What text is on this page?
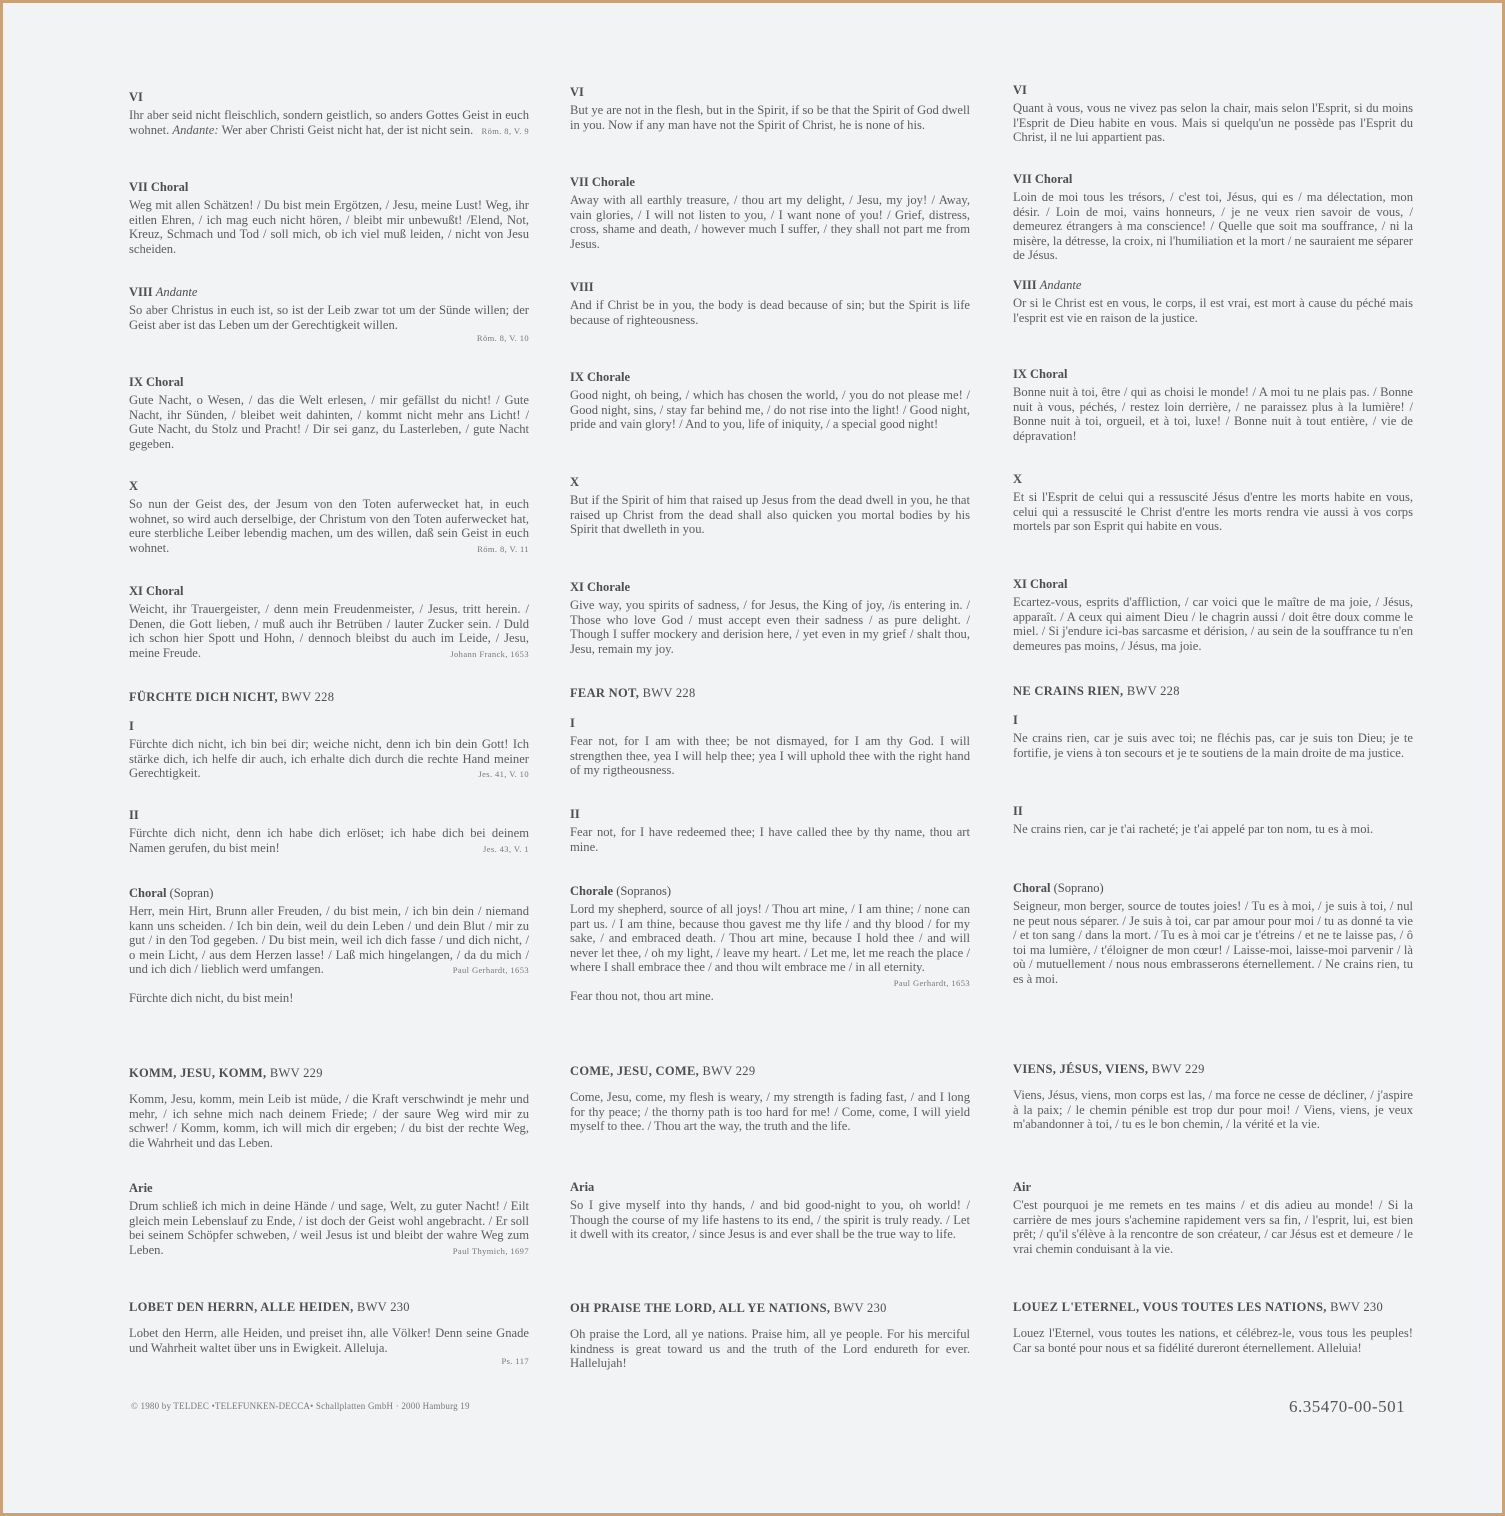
VI
Ihr aber seid nicht fleischlich, sondern geistlich, so anders Gottes Geist in euch wohnet. Andante: Wer aber Christi Geist nicht hat, der ist nicht sein. Röm. 8, V. 9
VII Choral
Weg mit allen Schätzen! / Du bist mein Ergötzen, / Jesu, meine Lust! Weg, ihr eitlen Ehren, / ich mag euch nicht hören, / bleibt mir unbewußt! /Elend, Not, Kreuz, Schmach und Tod / soll mich, ob ich viel muß leiden, / nicht von Jesu scheiden.
VIII Andante
So aber Christus in euch ist, so ist der Leib zwar tot um der Sünde willen; der Geist aber ist das Leben um der Gerechtigkeit willen.
Röm. 8, V. 10
IX Choral
Gute Nacht, o Wesen, / das die Welt erlesen, / mir gefällst du nicht! / Gute Nacht, ihr Sünden, / bleibet weit dahinten, / kommt nicht mehr ans Licht! / Gute Nacht, du Stolz und Pracht! / Dir sei ganz, du Lasterleben, / gute Nacht gegeben.
X
So nun der Geist des, der Jesum von den Toten auferwecket hat, in euch wohnet, so wird auch derselbige, der Christum von den Toten auferwecket hat, eure sterbliche Leiber lebendig machen, um des willen, daß sein Geist in euch wohnet.	Röm. 8, V. 11
XI Choral
Weicht, ihr Trauergeister, / denn mein Freudenmeister, / Jesus, tritt herein. / Denen, die Gott lieben, / muß auch ihr Betrüben / lauter Zucker sein. / Duld ich schon hier Spott und Hohn, / dennoch bleibst du auch im Leide, / Jesu, meine Freude.	Johann Franck, 1653
FÜRCHTE DICH NICHT, BWV 228
I
Fürchte dich nicht, ich bin bei dir; weiche nicht, denn ich bin dein Gott! Ich stärke dich, ich helfe dir auch, ich erhalte dich durch die rechte Hand meiner Gerechtigkeit.	Jes. 41, V. 10
II
Fürchte dich nicht, denn ich habe dich erlöset; ich habe dich bei deinem Namen gerufen, du bist mein!	Jes. 43, V. 1
Choral (Sopran)
Herr, mein Hirt, Brunn aller Freuden, / du bist mein, / ich bin dein / niemand kann uns scheiden. / Ich bin dein, weil du dein Leben / und dein Blut / mir zu gut / in den Tod gegeben. / Du bist mein, weil ich dich fasse / und dich nicht, / o mein Licht, / aus dem Herzen lasse! / Laß mich hingelangen, / da du mich / und ich dich / lieblich werd umfangen.	Paul Gerhardt, 1653
Fürchte dich nicht, du bist mein!
KOMM, JESU, KOMM, BWV 229
Komm, Jesu, komm, mein Leib ist müde, / die Kraft verschwindt je mehr und mehr, / ich sehne mich nach deinem Friede; / der saure Weg wird mir zu schwer! / Komm, komm, ich will mich dir ergeben; / du bist der rechte Weg, die Wahrheit und das Leben.
Arie
Drum schließ ich mich in deine Hände / und sage, Welt, zu guter Nacht! / Eilt gleich mein Lebenslauf zu Ende, / ist doch der Geist wohl angebracht. / Er soll bei seinem Schöpfer schweben, / weil Jesus ist und bleibt der wahre Weg zum Leben.	Paul Thymich, 1697
LOBET DEN HERRN, ALLE HEIDEN, BWV 230
Lobet den Herrn, alle Heiden, und preiset ihn, alle Völker! Denn seine Gnade und Wahrheit waltet über uns in Ewigkeit. Alleluja.
Ps. 117
VI
But ye are not in the flesh, but in the Spirit, if so be that the Spirit of God dwell in you. Now if any man have not the Spirit of Christ, he is none of his.
VII Chorale
Away with all earthly treasure, / thou art my delight, / Jesu, my joy! / Away, vain glories, / I will not listen to you, / I want none of you! / Grief, distress, cross, shame and death, / however much I suffer, / they shall not part me from Jesus.
VIII
And if Christ be in you, the body is dead because of sin; but the Spirit is life because of righteousness.
IX Chorale
Good night, oh being, / which has chosen the world, / you do not please me! / Good night, sins, / stay far behind me, / do not rise into the light! / Good night, pride and vain glory! / And to you, life of iniquity, / a special good night!
X
But if the Spirit of him that raised up Jesus from the dead dwell in you, he that raised up Christ from the dead shall also quicken you mortal bodies by his Spirit that dwelleth in you.
XI Chorale
Give way, you spirits of sadness, / for Jesus, the King of joy, /is entering in. / Those who love God / must accept even their sadness / as pure delight. / Though I suffer mockery and derision here, / yet even in my grief / shalt thou, Jesu, remain my joy.
FEAR NOT, BWV 228
I
Fear not, for I am with thee; be not dismayed, for I am thy God. I will strengthen thee, yea I will help thee; yea I will uphold thee with the right hand of my rigtheousness.
II
Fear not, for I have redeemed thee; I have called thee by thy name, thou art mine.
Chorale (Sopranos)
Lord my shepherd, source of all joys! / Thou art mine, / I am thine; / none can part us. / I am thine, because thou gavest me thy life / and thy blood / for my sake, / and embraced death. / Thou art mine, because I hold thee / and will never let thee, / oh my light, / leave my heart. / Let me, let me reach the place / where I shall embrace thee / and thou wilt embrace me / in all eternity.
Paul Gerhardt, 1653
Fear thou not, thou art mine.
COME, JESU, COME, BWV 229
Come, Jesu, come, my flesh is weary, / my strength is fading fast, / and I long for thy peace; / the thorny path is too hard for me! / Come, come, I will yield myself to thee. / Thou art the way, the truth and the life.
Aria
So I give myself into thy hands, / and bid good-night to you, oh world! / Though the course of my life hastens to its end, / the spirit is truly ready. / Let it dwell with its creator, / since Jesus is and ever shall be the true way to life.
OH PRAISE THE LORD, ALL YE NATIONS, BWV 230
Oh praise the Lord, all ye nations. Praise him, all ye people. For his merciful kindness is great toward us and the truth of the Lord endureth for ever. Hallelujah!
VI
Quant à vous, vous ne vivez pas selon la chair, mais selon l'Esprit, si du moins l'Esprit de Dieu habite en vous. Mais si quelqu'un ne possède pas l'Esprit du Christ, il ne lui appartient pas.
VII Choral
Loin de moi tous les trésors, / c'est toi, Jésus, qui es / ma délectation, mon désir. / Loin de moi, vains honneurs, / je ne veux rien savoir de vous, / demeurez étrangers à ma conscience! / Quelle que soit ma souffrance, / ni la misère, la détresse, la croix, ni l'humiliation et la mort / ne sauraient me séparer de Jésus.
VIII Andante
Or si le Christ est en vous, le corps, il est vrai, est mort à cause du péché mais l'esprit est vie en raison de la justice.
IX Choral
Bonne nuit à toi, être / qui as choisi le monde! / A moi tu ne plais pas. / Bonne nuit à vous, péchés, / restez loin derrière, / ne paraissez plus à la lumière! / Bonne nuit à toi, orgueil, et à toi, luxe! / Bonne nuit à tout entière, / vie de dépravation!
X
Et si l'Esprit de celui qui a ressuscité Jésus d'entre les morts habite en vous, celui qui a ressuscité le Christ d'entre les morts rendra vie aussi à vos corps mortels par son Esprit qui habite en vous.
XI Choral
Ecartez-vous, esprits d'affliction, / car voici que le maître de ma joie, / Jésus, apparaît. / A ceux qui aiment Dieu / le chagrin aussi / doit être doux comme le miel. / Si j'endure ici-bas sarcasme et dérision, / au sein de la souffrance tu n'en demeures pas moins, / Jésus, ma joie.
NE CRAINS RIEN, BWV 228
I
Ne crains rien, car je suis avec toi; ne fléchis pas, car je suis ton Dieu; je te fortifie, je viens à ton secours et je te soutiens de la main droite de ma justice.
II
Ne crains rien, car je t'ai racheté; je t'ai appelé par ton nom, tu es à moi.
Choral (Soprano)
Seigneur, mon berger, source de toutes joies! / Tu es à moi, / je suis à toi, / nul ne peut nous séparer. / Je suis à toi, car par amour pour moi / tu as donné ta vie / et ton sang / dans la mort. / Tu es à moi car je t'étreins / et ne te laisse pas, / ô toi ma lumière, / t'éloigner de mon cœur! / Laisse-moi, laisse-moi parvenir / là où / mutuellement / nous nous embrasserons éternellement. / Ne crains rien, tu es à moi.
VIENS, JÉSUS, VIENS, BWV 229
Viens, Jésus, viens, mon corps est las, / ma force ne cesse de décliner, / j'aspire à la paix; / le chemin pénible est trop dur pour moi! / Viens, viens, je veux m'abandonner à toi, / tu es le bon chemin, / la vérité et la vie.
Air
C'est pourquoi je me remets en tes mains / et dis adieu au monde! / Si la carrière de mes jours s'achemine rapidement vers sa fin, / l'esprit, lui, est bien prêt; / qu'il s'élève à la rencontre de son créateur, / car Jésus est et demeure / le vrai chemin conduisant à la vie.
LOUEZ L'ETERNEL, VOUS TOUTES LES NATIONS, BWV 230
Louez l'Eternel, vous toutes les nations, et célébrez-le, vous tous les peuples! Car sa bonté pour nous et sa fidélité dureront éternellement. Alleluia!
© 1980 by TELDEC •TELEFUNKEN-DECCA• Schallplatten GmbH · 2000 Hamburg 19	6.35470-00-501
